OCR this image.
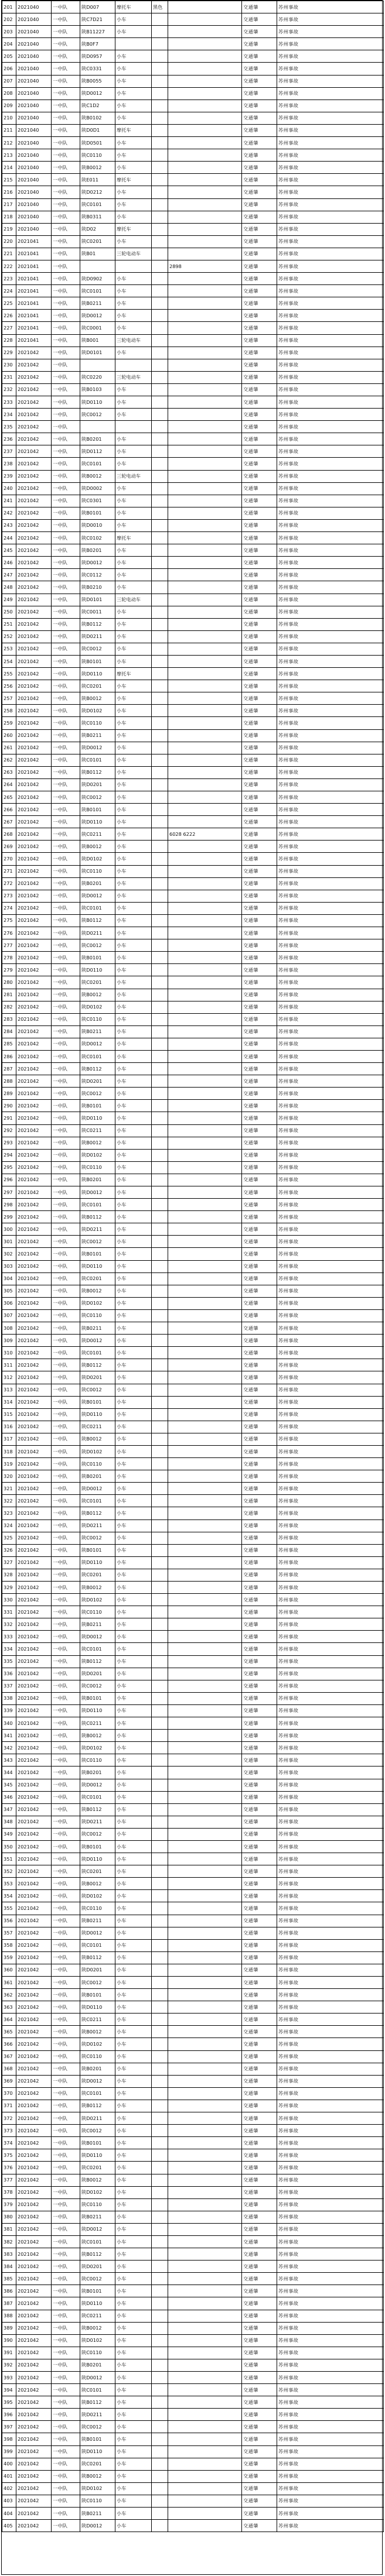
201	2021040	一中队	陕D007	摩托车	黑色		交通肇	苏州事故
202	2021040	一中队	陕C7D21	小车			交通肇	苏州事故
203	2021040	一中队	陕B11227	小车			交通肇	苏州事故
204	2021040	一中队	陕B0F7				交通肇	苏州事故
205	2021040	一中队	陕D0957	小车			交通肇	苏州事故
206	2021040	一中队	陕C0331	小车			交通肇	苏州事故
207	2021040	一中队	陕B0055	小车			交通肇	苏州事故
208	2021040	一中队	陕D0012	小车			交通肇	苏州事故
209	2021040	一中队	陕C1D2	小车			交通肇	苏州事故
210	2021040	一中队	陕B0102	小车			交通肇	苏州事故
211	2021040	一中队	陕D0D1	摩托车			交通肇	苏州事故
212	2021040	一中队	陕D0501	小车			交通肇	苏州事故
213	2021040	一中队	陕C0110	小车			交通肇	苏州事故
214	2021040	一中队	陕B0012	小车			交通肇	苏州事故
215	2021040	一中队	陕E011	摩托车			交通肇	苏州事故
216	2021040	一中队	陕D0212	小车			交通肇	苏州事故
217	2021040	一中队	陕C0101	小车			交通肇	苏州事故
218	2021040	一中队	陕B0311	小车			交通肇	苏州事故
219	2021040	一中队	陕D02	摩托车			交通肇	苏州事故
220	2021041	一中队	陕C0201	小车			交通肇	苏州事故
221	2021041	一中队	陕B01	三轮电动车			交通肇	苏州事故
222	2021041	一中队				2898	交通肇	苏州事故
223	2021041	一中队	陕D0902	小车			交通肇	苏州事故
224	2021041	一中队	陕C0101	小车			交通肇	苏州事故
225	2021041	一中队	陕B0211	小车			交通肇	苏州事故
226	2021041	一中队	陕D0012	小车			交通肇	苏州事故
227	2021041	一中队	陕C0001	小车			交通肇	苏州事故
228	2021041	一中队	陕B001	三轮电动车			交通肇	苏州事故
229	2021042	一中队	陕D0101	小车			交通肇	苏州事故
230	2021042	一中队					交通肇	苏州事故
231	2021042	一中队	陕C0220	三轮电动车			交通肇	苏州事故
232	2021042	一中队	陕B0103	小车			交通肇	苏州事故
233	2021042	一中队	陕D0110	小车			交通肇	苏州事故
234	2021042	一中队	陕C0012	小车			交通肇	苏州事故
235	2021042	一中队					交通肇	苏州事故
236	2021042	一中队	陕B0201	小车			交通肇	苏州事故
237	2021042	一中队	陕D0112	小车			交通肇	苏州事故
238	2021042	一中队	陕C0101	小车			交通肇	苏州事故
239	2021042	一中队	陕B0012	三轮电动车			交通肇	苏州事故
240	2021042	一中队	陕D0002	小车			交通肇	苏州事故
241	2021042	一中队	陕C0301	小车			交通肇	苏州事故
242	2021042	一中队	陕B0101	小车			交通肇	苏州事故
243	2021042	一中队	陕D0010	小车			交通肇	苏州事故
244	2021042	一中队	陕C0102	摩托车			交通肇	苏州事故
245	2021042	一中队	陕B0201	小车			交通肇	苏州事故
246	2021042	一中队	陕D0012	小车			交通肇	苏州事故
247	2021042	一中队	陕C0112	小车			交通肇	苏州事故
248	2021042	一中队	陕B0210	小车			交通肇	苏州事故
249	2021042	一中队	陕D0101	三轮电动车			交通肇	苏州事故
250	2021042	一中队	陕C0011	小车			交通肇	苏州事故
251	2021042	一中队	陕B0112	小车			交通肇	苏州事故
252	2021042	一中队	陕D0211	小车			交通肇	苏州事故
253	2021042	一中队	陕C0012	小车			交通肇	苏州事故
254	2021042	一中队	陕B0101	小车			交通肇	苏州事故
255	2021042	一中队	陕D0110	摩托车			交通肇	苏州事故
256	2021042	一中队	陕C0201	小车			交通肇	苏州事故
257	2021042	一中队	陕B0012	小车			交通肇	苏州事故
258	2021042	一中队	陕D0102	小车			交通肇	苏州事故
259	2021042	一中队	陕C0110	小车			交通肇	苏州事故
260	2021042	一中队	陕B0211	小车			交通肇	苏州事故
261	2021042	一中队	陕D0012	小车			交通肇	苏州事故
262	2021042	一中队	陕C0101	小车			交通肇	苏州事故
263	2021042	一中队	陕B0112	小车			交通肇	苏州事故
264	2021042	一中队	陕D0201	小车			交通肇	苏州事故
265	2021042	一中队	陕C0012	小车			交通肇	苏州事故
266	2021042	一中队	陕B0101	小车			交通肇	苏州事故
267	2021042	一中队	陕D0110	小车			交通肇	苏州事故
268	2021042	一中队	陕C0211	小车		6028 6222	交通肇	苏州事故
269	2021042	一中队	陕B0012	小车			交通肇	苏州事故
270	2021042	一中队	陕D0102	小车			交通肇	苏州事故
271	2021042	一中队	陕C0110	小车			交通肇	苏州事故
272	2021042	一中队	陕B0201	小车			交通肇	苏州事故
273	2021042	一中队	陕D0012	小车			交通肇	苏州事故
274	2021042	一中队	陕C0101	小车			交通肇	苏州事故
275	2021042	一中队	陕B0112	小车			交通肇	苏州事故
276	2021042	一中队	陕D0211	小车			交通肇	苏州事故
277	2021042	一中队	陕C0012	小车			交通肇	苏州事故
278	2021042	一中队	陕B0101	小车			交通肇	苏州事故
279	2021042	一中队	陕D0110	小车			交通肇	苏州事故
280	2021042	一中队	陕C0201	小车			交通肇	苏州事故
281	2021042	一中队	陕B0012	小车			交通肇	苏州事故
282	2021042	一中队	陕D0102	小车			交通肇	苏州事故
283	2021042	一中队	陕C0110	小车			交通肇	苏州事故
284	2021042	一中队	陕B0211	小车			交通肇	苏州事故
285	2021042	一中队	陕D0012	小车			交通肇	苏州事故
286	2021042	一中队	陕C0101	小车			交通肇	苏州事故
287	2021042	一中队	陕B0112	小车			交通肇	苏州事故
288	2021042	一中队	陕D0201	小车			交通肇	苏州事故
289	2021042	一中队	陕C0012	小车			交通肇	苏州事故
290	2021042	一中队	陕B0101	小车			交通肇	苏州事故
291	2021042	一中队	陕D0110	小车			交通肇	苏州事故
292	2021042	一中队	陕C0211	小车			交通肇	苏州事故
293	2021042	一中队	陕B0012	小车			交通肇	苏州事故
294	2021042	一中队	陕D0102	小车			交通肇	苏州事故
295	2021042	一中队	陕C0110	小车			交通肇	苏州事故
296	2021042	一中队	陕B0201	小车			交通肇	苏州事故
297	2021042	一中队	陕D0012	小车			交通肇	苏州事故
298	2021042	一中队	陕C0101	小车			交通肇	苏州事故
299	2021042	一中队	陕B0112	小车			交通肇	苏州事故
300	2021042	一中队	陕D0211	小车			交通肇	苏州事故
301	2021042	一中队	陕C0012	小车			交通肇	苏州事故
302	2021042	一中队	陕B0101	小车			交通肇	苏州事故
303	2021042	一中队	陕D0110	小车			交通肇	苏州事故
304	2021042	一中队	陕C0201	小车			交通肇	苏州事故
305	2021042	一中队	陕B0012	小车			交通肇	苏州事故
306	2021042	一中队	陕D0102	小车			交通肇	苏州事故
307	2021042	一中队	陕C0110	小车			交通肇	苏州事故
308	2021042	一中队	陕B0211	小车			交通肇	苏州事故
309	2021042	一中队	陕D0012	小车			交通肇	苏州事故
310	2021042	一中队	陕C0101	小车			交通肇	苏州事故
311	2021042	一中队	陕B0112	小车			交通肇	苏州事故
312	2021042	一中队	陕D0201	小车			交通肇	苏州事故
313	2021042	一中队	陕C0012	小车			交通肇	苏州事故
314	2021042	一中队	陕B0101	小车			交通肇	苏州事故
315	2021042	一中队	陕D0110	小车			交通肇	苏州事故
316	2021042	一中队	陕C0211	小车			交通肇	苏州事故
317	2021042	一中队	陕B0012	小车			交通肇	苏州事故
318	2021042	一中队	陕D0102	小车			交通肇	苏州事故
319	2021042	一中队	陕C0110	小车			交通肇	苏州事故
320	2021042	一中队	陕B0201	小车			交通肇	苏州事故
321	2021042	一中队	陕D0012	小车			交通肇	苏州事故
322	2021042	一中队	陕C0101	小车			交通肇	苏州事故
323	2021042	一中队	陕B0112	小车			交通肇	苏州事故
324	2021042	一中队	陕D0211	小车			交通肇	苏州事故
325	2021042	一中队	陕C0012	小车			交通肇	苏州事故
326	2021042	一中队	陕B0101	小车			交通肇	苏州事故
327	2021042	一中队	陕D0110	小车			交通肇	苏州事故
328	2021042	一中队	陕C0201	小车			交通肇	苏州事故
329	2021042	一中队	陕B0012	小车			交通肇	苏州事故
330	2021042	一中队	陕D0102	小车			交通肇	苏州事故
331	2021042	一中队	陕C0110	小车			交通肇	苏州事故
332	2021042	一中队	陕B0211	小车			交通肇	苏州事故
333	2021042	一中队	陕D0012	小车			交通肇	苏州事故
334	2021042	一中队	陕C0101	小车			交通肇	苏州事故
335	2021042	一中队	陕B0112	小车			交通肇	苏州事故
336	2021042	一中队	陕D0201	小车			交通肇	苏州事故
337	2021042	一中队	陕C0012	小车			交通肇	苏州事故
338	2021042	一中队	陕B0101	小车			交通肇	苏州事故
339	2021042	一中队	陕D0110	小车			交通肇	苏州事故
340	2021042	一中队	陕C0211	小车			交通肇	苏州事故
341	2021042	一中队	陕B0012	小车			交通肇	苏州事故
342	2021042	一中队	陕D0102	小车			交通肇	苏州事故
343	2021042	一中队	陕C0110	小车			交通肇	苏州事故
344	2021042	一中队	陕B0201	小车			交通肇	苏州事故
345	2021042	一中队	陕D0012	小车			交通肇	苏州事故
346	2021042	一中队	陕C0101	小车			交通肇	苏州事故
347	2021042	一中队	陕B0112	小车			交通肇	苏州事故
348	2021042	一中队	陕D0211	小车			交通肇	苏州事故
349	2021042	一中队	陕C0012	小车			交通肇	苏州事故
350	2021042	一中队	陕B0101	小车			交通肇	苏州事故
351	2021042	一中队	陕D0110	小车			交通肇	苏州事故
352	2021042	一中队	陕C0201	小车			交通肇	苏州事故
353	2021042	一中队	陕B0012	小车			交通肇	苏州事故
354	2021042	一中队	陕D0102	小车			交通肇	苏州事故
355	2021042	一中队	陕C0110	小车			交通肇	苏州事故
356	2021042	一中队	陕B0211	小车			交通肇	苏州事故
357	2021042	一中队	陕D0012	小车			交通肇	苏州事故
358	2021042	一中队	陕C0101	小车			交通肇	苏州事故
359	2021042	一中队	陕B0112	小车			交通肇	苏州事故
360	2021042	一中队	陕D0201	小车			交通肇	苏州事故
361	2021042	一中队	陕C0012	小车			交通肇	苏州事故
362	2021042	一中队	陕B0101	小车			交通肇	苏州事故
363	2021042	一中队	陕D0110	小车			交通肇	苏州事故
364	2021042	一中队	陕C0211	小车			交通肇	苏州事故
365	2021042	一中队	陕B0012	小车			交通肇	苏州事故
366	2021042	一中队	陕D0102	小车			交通肇	苏州事故
367	2021042	一中队	陕C0110	小车			交通肇	苏州事故
368	2021042	一中队	陕B0201	小车			交通肇	苏州事故
369	2021042	一中队	陕D0012	小车			交通肇	苏州事故
370	2021042	一中队	陕C0101	小车			交通肇	苏州事故
371	2021042	一中队	陕B0112	小车			交通肇	苏州事故
372	2021042	一中队	陕D0211	小车			交通肇	苏州事故
373	2021042	一中队	陕C0012	小车			交通肇	苏州事故
374	2021042	一中队	陕B0101	小车			交通肇	苏州事故
375	2021042	一中队	陕D0110	小车			交通肇	苏州事故
376	2021042	一中队	陕C0201	小车			交通肇	苏州事故
377	2021042	一中队	陕B0012	小车			交通肇	苏州事故
378	2021042	一中队	陕D0102	小车			交通肇	苏州事故
379	2021042	一中队	陕C0110	小车			交通肇	苏州事故
380	2021042	一中队	陕B0211	小车			交通肇	苏州事故
381	2021042	一中队	陕D0012	小车			交通肇	苏州事故
382	2021042	一中队	陕C0101	小车			交通肇	苏州事故
383	2021042	一中队	陕B0112	小车			交通肇	苏州事故
384	2021042	一中队	陕D0201	小车			交通肇	苏州事故
385	2021042	一中队	陕C0012	小车			交通肇	苏州事故
386	2021042	一中队	陕B0101	小车			交通肇	苏州事故
387	2021042	一中队	陕D0110	小车			交通肇	苏州事故
388	2021042	一中队	陕C0211	小车			交通肇	苏州事故
389	2021042	一中队	陕B0012	小车			交通肇	苏州事故
390	2021042	一中队	陕D0102	小车			交通肇	苏州事故
391	2021042	一中队	陕C0110	小车			交通肇	苏州事故
392	2021042	一中队	陕B0201	小车			交通肇	苏州事故
393	2021042	一中队	陕D0012	小车			交通肇	苏州事故
394	2021042	一中队	陕C0101	小车			交通肇	苏州事故
395	2021042	一中队	陕B0112	小车			交通肇	苏州事故
396	2021042	一中队	陕D0211	小车			交通肇	苏州事故
397	2021042	一中队	陕C0012	小车			交通肇	苏州事故
398	2021042	一中队	陕B0101	小车			交通肇	苏州事故
399	2021042	一中队	陕D0110	小车			交通肇	苏州事故
400	2021042	一中队	陕C0201	小车			交通肇	苏州事故
401	2021042	一中队	陕B0012	小车			交通肇	苏州事故
402	2021042	一中队	陕D0102	小车			交通肇	苏州事故
403	2021042	一中队	陕C0110	小车			交通肇	苏州事故
404	2021042	一中队	陕B0211	小车			交通肇	苏州事故
405	2021042	一中队	陕D0012	小车			交通肇	苏州事故
